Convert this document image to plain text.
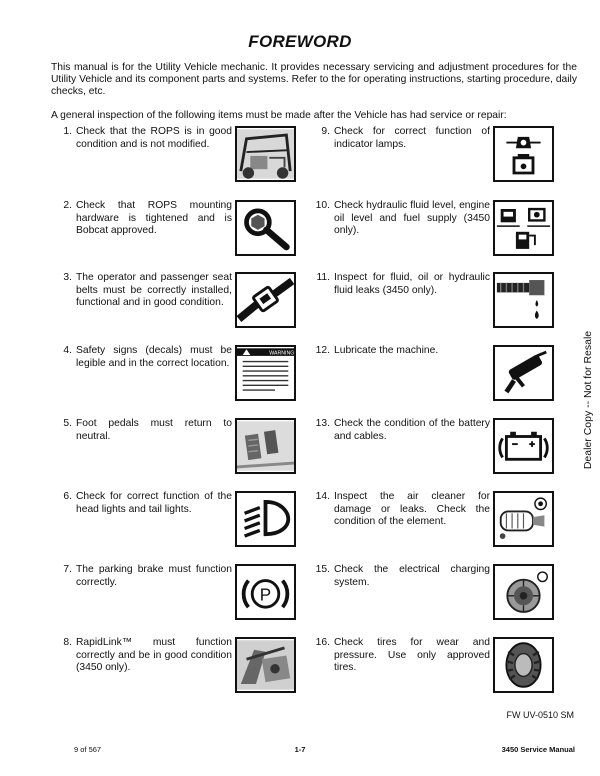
FOREWORD
This manual is for the Utility Vehicle mechanic. It provides necessary servicing and adjustment procedures for the Utility Vehicle and its component parts and systems. Refer to the for operating instructions, starting procedure, daily checks, etc.
A general inspection of the following items must be made after the Vehicle has had service or repair:
1. Check that the ROPS is in good condition and is not modified.
2. Check that ROPS mounting hardware is tightened and is Bobcat approved.
3. The operator and passenger seat belts must be correctly installed, functional and in good condition.
4. Safety signs (decals) must be legible and in the correct location.
WARNING
5. Foot pedals must return to neutral.
6. Check for correct function of the head lights and tail lights.
7. The parking brake must function correctly.
P
8. RapidLink™ must function correctly and be in good condition (3450 only).
9. Check for correct function of indicator lamps.
10. Check hydraulic fluid level, engine oil level and fuel supply (3450 only).
11. Inspect for fluid, oil or hydraulic fluid leaks (3450 only).
12. Lubricate the machine.
13. Check the condition of the battery and cables.
14. Inspect the air cleaner for damage or leaks. Check the condition of the element.
15. Check the electrical charging system.
16. Check tires for wear and pressure. Use only approved tires.
Dealer Copy -- Not for Resale
FW UV-0510 SM
9 of 567	1-7	3450 Service Manual
